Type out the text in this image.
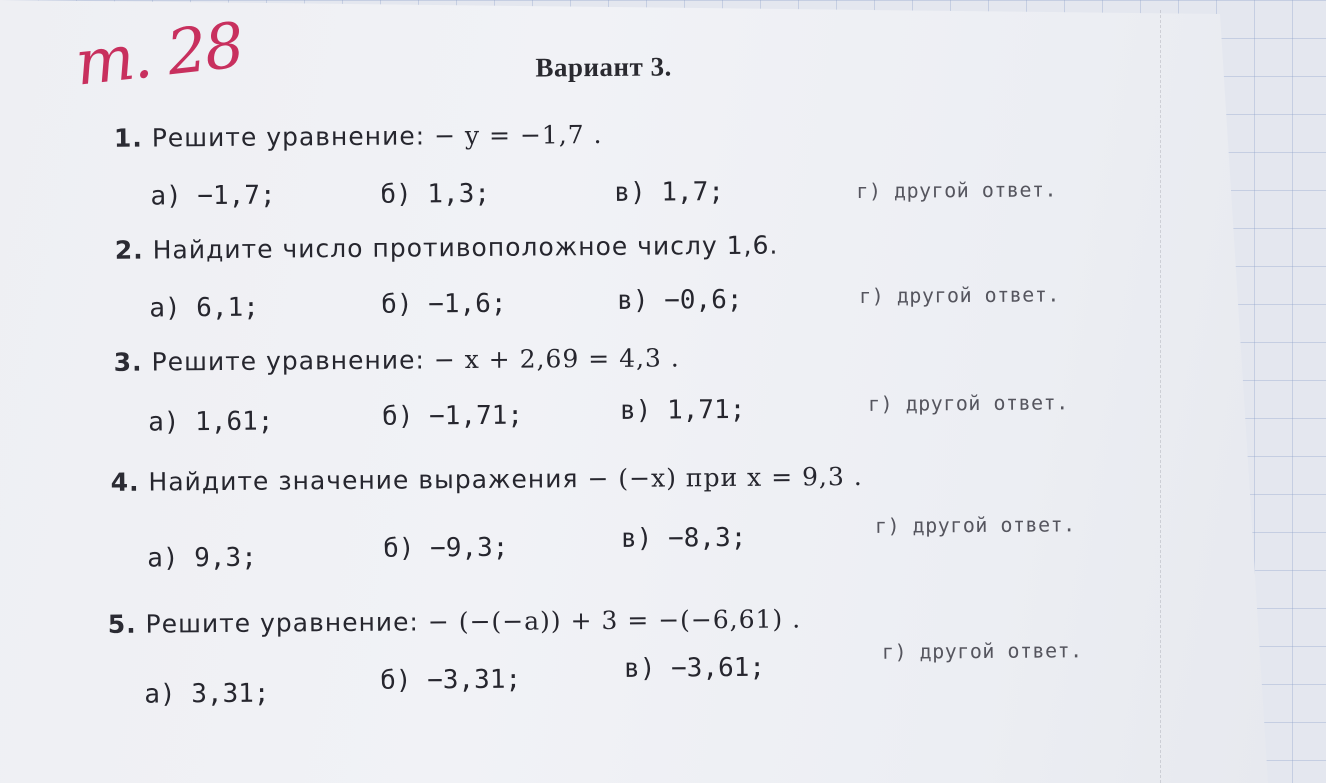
m. 28	Вариант 3.
1. Решите уравнение: − y = −1,7 .
а) −1,7;	б) 1,3;	в) 1,7;	г) другой ответ.
2. Найдите число противоположное числу 1,6.
а) 6,1;	б) −1,6;	в) −0,6;	г) другой ответ.
3. Решите уравнение: − x + 2,69 = 4,3 .
а) 1,61;	б) −1,71;	в) 1,71;	г) другой ответ.
4. Найдите значение выражения − (−x) при x = 9,3 .
а) 9,3;	б) −9,3;	в) −8,3;	г) другой ответ.
5. Решите уравнение: − (−(−a)) + 3 = −(−6,61) .
а) 3,31;	б) −3,31;	в) −3,61;
г) другой ответ.
